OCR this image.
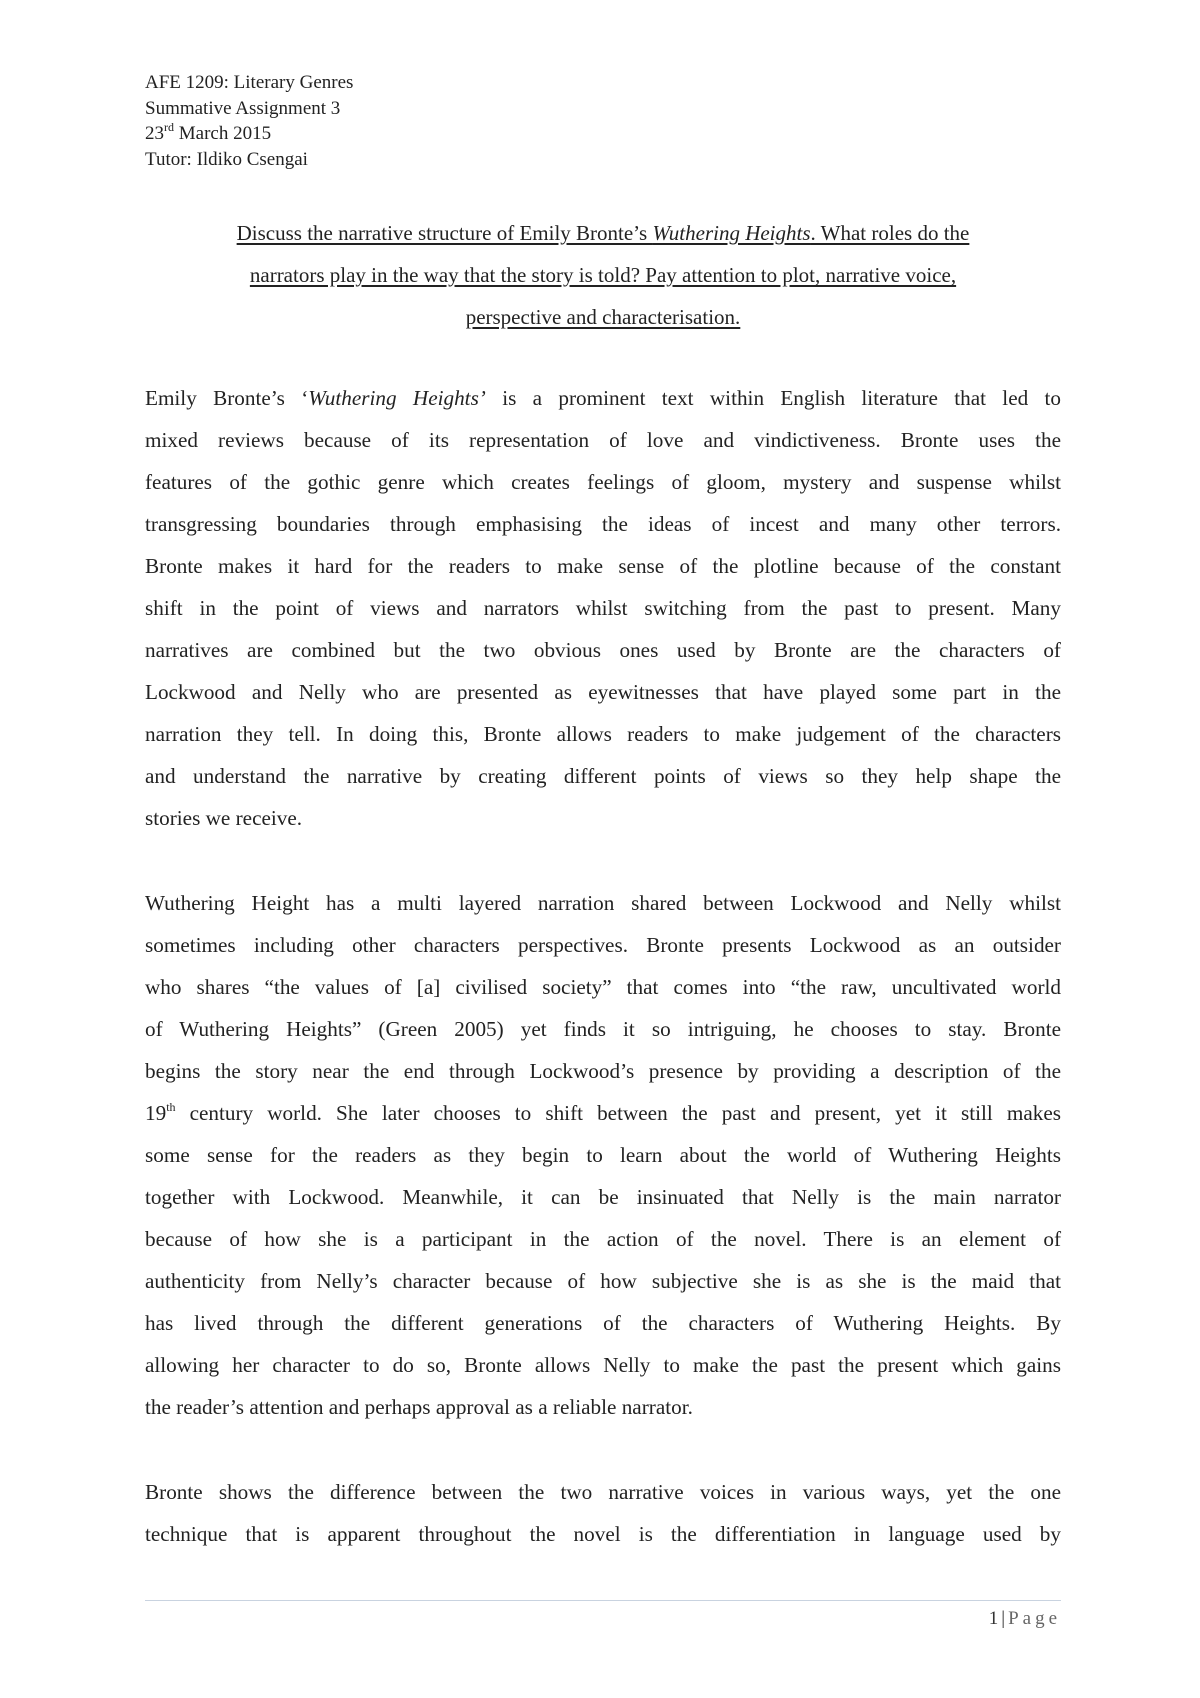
AFE 1209: Literary Genres
Summative Assignment 3
23rd March 2015
Tutor: Ildiko Csengai
Discuss the narrative structure of Emily Bronte’s Wuthering Heights. What roles do the
narrators play in the way that the story is told? Pay attention to plot, narrative voice,
perspective and characterisation.
Emily Bronte’s ‘Wuthering Heights’ is a prominent text within English literature that led to
mixed reviews because of its representation of love and vindictiveness. Bronte uses the
features of the gothic genre which creates feelings of gloom, mystery and suspense whilst
transgressing boundaries through emphasising the ideas of incest and many other terrors.
Bronte makes it hard for the readers to make sense of the plotline because of the constant
shift in the point of views and narrators whilst switching from the past to present. Many
narratives are combined but the two obvious ones used by Bronte are the characters of
Lockwood and Nelly who are presented as eyewitnesses that have played some part in the
narration they tell. In doing this, Bronte allows readers to make judgement of the characters
and understand the narrative by creating different points of views so they help shape the
stories we receive.
Wuthering Height has a multi layered narration shared between Lockwood and Nelly whilst
sometimes including other characters perspectives. Bronte presents Lockwood as an outsider
who shares “the values of [a] civilised society” that comes into “the raw, uncultivated world
of Wuthering Heights” (Green 2005) yet finds it so intriguing, he chooses to stay. Bronte
begins the story near the end through Lockwood’s presence by providing a description of the
19th century world. She later chooses to shift between the past and present, yet it still makes
some sense for the readers as they begin to learn about the world of Wuthering Heights
together with Lockwood. Meanwhile, it can be insinuated that Nelly is the main narrator
because of how she is a participant in the action of the novel. There is an element of
authenticity from Nelly’s character because of how subjective she is as she is the maid that
has lived through the different generations of the characters of Wuthering Heights. By
allowing her character to do so, Bronte allows Nelly to make the past the present which gains
the reader’s attention and perhaps approval as a reliable narrator.
Bronte shows the difference between the two narrative voices in various ways, yet the one
technique that is apparent throughout the novel is the differentiation in language used by
1 | Page
